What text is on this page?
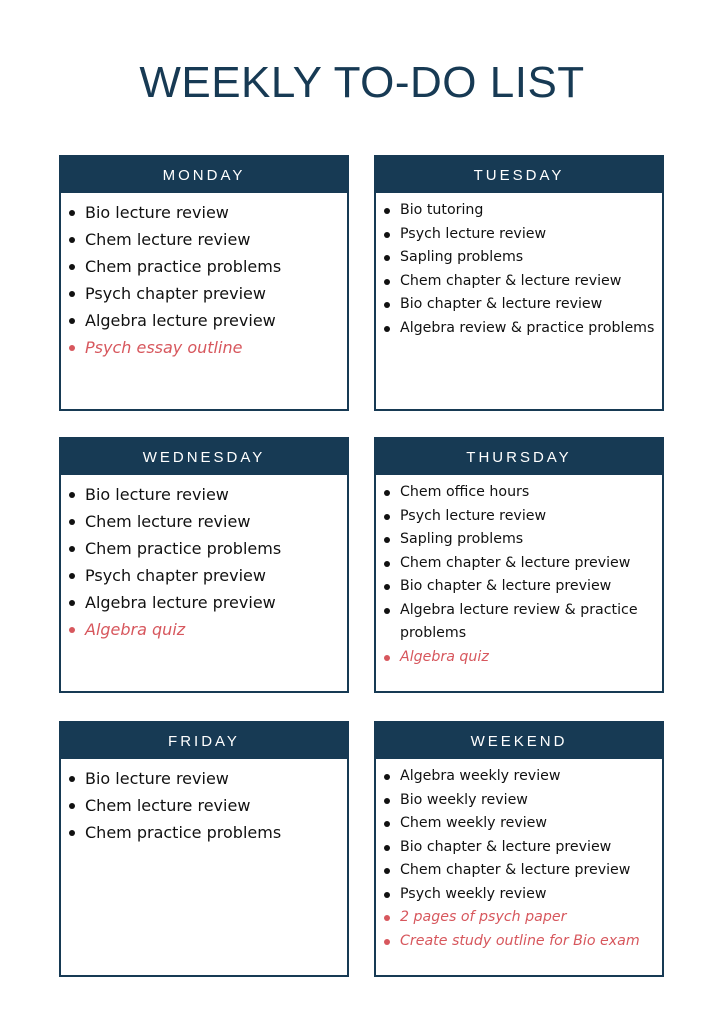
WEEKLY TO-DO LIST
MONDAY
Bio lecture review
Chem lecture review
Chem practice problems
Psych chapter preview
Algebra lecture preview
Psych essay outline
TUESDAY
Bio tutoring
Psych lecture review
Sapling problems
Chem chapter & lecture review
Bio chapter & lecture review
Algebra review & practice problems
WEDNESDAY
Bio lecture review
Chem lecture review
Chem practice problems
Psych chapter preview
Algebra lecture preview
Algebra quiz
THURSDAY
Chem office hours
Psych lecture review
Sapling problems
Chem chapter & lecture preview
Bio chapter & lecture preview
Algebra lecture review & practice problems
Algebra quiz
FRIDAY
Bio lecture review
Chem lecture review
Chem practice problems
WEEKEND
Algebra weekly review
Bio weekly review
Chem weekly review
Bio chapter & lecture preview
Chem chapter & lecture preview
Psych weekly review
2 pages of psych paper
Create study outline for Bio exam
